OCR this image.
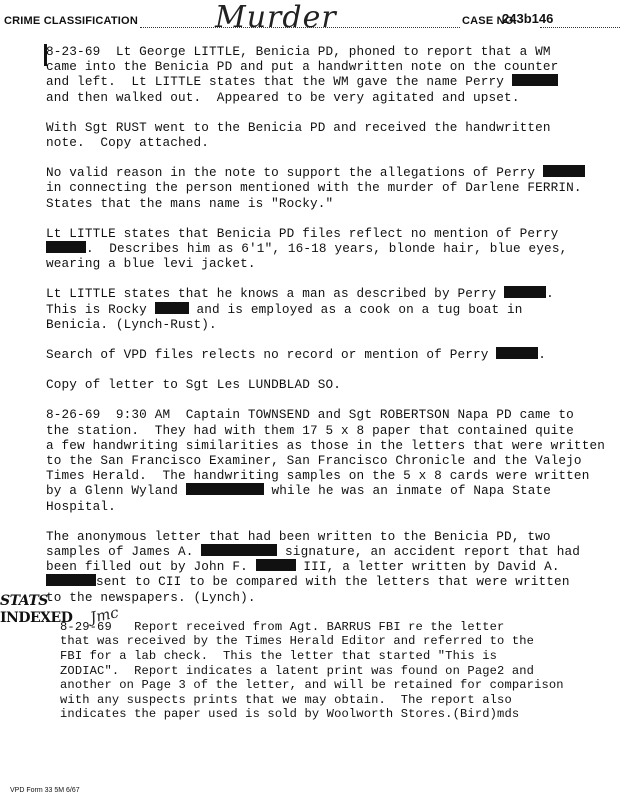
CRIME CLASSIFICATION	Murder	CASE NO.
243b146
8-23-69  Lt George LITTLE, Benicia PD, phoned to report that a WM
came into the Benicia PD and put a handwritten note on the counter
and left.  Lt LITTLE states that the WM gave the name Perry
and then walked out.  Appeared to be very agitated and upset.
With Sgt RUST went to the Benicia PD and received the handwritten
note.  Copy attached.
No valid reason in the note to support the allegations of Perry
in connecting the person mentioned with the murder of Darlene FERRIN.
States that the mans name is "Rocky."
Lt LITTLE states that Benicia PD files reflect no mention of Perry
.  Describes him as 6'1", 16-18 years, blonde hair, blue eyes,
wearing a blue levi jacket.
Lt LITTLE states that he knows a man as described by Perry	.
This is Rocky	and is employed as a cook on a tug boat in
Benicia. (Lynch-Rust).
Search of VPD files relects no record or mention of Perry	.
Copy of letter to Sgt Les LUNDBLAD SO.
8-26-69  9:30 AM  Captain TOWNSEND and Sgt ROBERTSON Napa PD came to
the station.  They had with them 17 5 x 8 paper that contained quite
a few handwriting similarities as those in the letters that were written
to the San Francisco Examiner, San Francisco Chronicle and the Valejo
Times Herald.  The handwriting samples on the 5 x 8 cards were written
by a Glenn Wyland	while he was an inmate of Napa State
Hospital.
The anonymous letter that had been written to the Benicia PD, two
samples of James A.	signature, an accident report that had
been filled out by John F.	III, a letter written by David A.
sent to CII to be compared with the letters that were written
to the newspapers. (Lynch).
8-29-69   Report received from Agt. BARRUS FBI re the letter
that was received by the Times Herald Editor and referred to the
FBI for a lab check.  This the letter that started "This is
ZODIAC".  Report indicates a latent print was found on Page2 and
another on Page 3 of the letter, and will be retained for comparison
with any suspects prints that we may obtain.  The report also
indicates the paper used is sold by Woolworth Stores.(Bird)mds
STATS
INDEXED Jmc
VPD Form 33 5M 6/67
